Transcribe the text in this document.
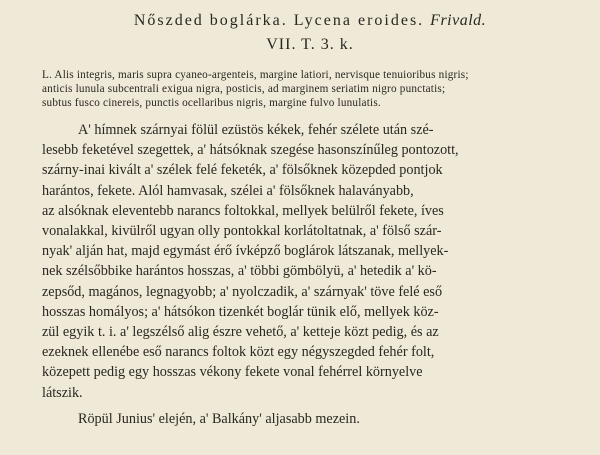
Nőszded boglárka. Lycena eroides. Frivald.
VII. T. 3. k.
L. Alis integris, maris supra cyaneo-argenteis, margine latiori, nervisque tenuioribus nigris;
anticis lunula subcentrali exigua nigra, posticis, ad marginem seriatim nigro punctatis;
subtus fusco cinereis, punctis ocellaribus nigris, margine fulvo lunulatis.
A' hímnek szárnyai fölül ezüstös kékek, fehér szélete után szé-
lesebb feketével szegettek, a' hátsóknak szegése hasonszínűleg pontozott,
szárny-inai kivált a' szélek felé feketék, a' fölsőknek közepded pontjok
harántos, fekete. Alól hamvasak, szélei a' fölsőknek halaványabb,
az alsóknak eleventebb narancs foltokkal, mellyek belülről fekete, íves
vonalakkal, kivülről ugyan olly pontokkal korlátoltatnak, a' fölső szár-
nyak' alján hat, majd egymást érő ívképző boglárok látszanak, mellyek-
nek szélsőbbike harántos hosszas, a' többi gömbölyü, a' hetedik a' kö-
zepsőd, magános, legnagyobb; a' nyolczadik, a' szárnyak' töve felé eső
hosszas homályos; a' hátsókon tizenkét boglár tünik elő, mellyek köz-
zül egyik t. i. a' legszélső alig észre vehető, a' ketteje közt pedig, és az
ezeknek ellenébe eső narancs foltok közt egy négyszegded fehér folt,
közepett pedig egy hosszas vékony fekete vonal fehérrel környelve
látszik.
Röpül Junius' elején, a' Balkány' aljasabb mezein.
